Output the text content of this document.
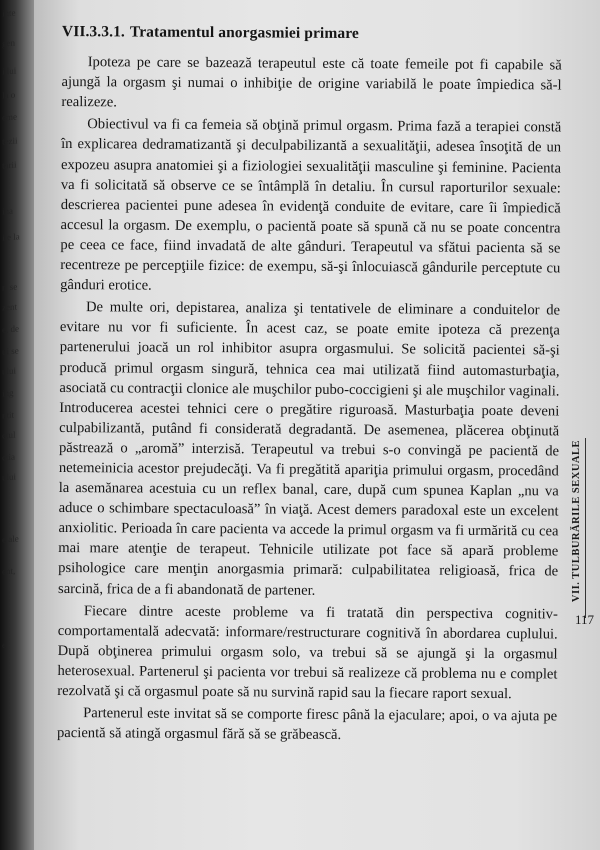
inte
gen
i lui
la o
eme
tezii
tarii
ina
ite la
rt se
zent
e, de
ui se
ului
ing
ntit
ctul
ctia
ului
e ale
ent,
e
VII.3.3.1. Tratamentul anorgasmiei primare

Ipoteza pe care se bazează terapeutul este că toate femeile pot fi capabile să ajungă la orgasm şi numai o inhibiţie de origine variabilă le poate împiedica să-l realizeze.

Obiectivul va fi ca femeia să obţină primul orgasm. Prima fază a terapiei constă în explicarea dedramatizantă şi deculpabilizantă a sexualităţii, adesea însoţită de un expozeu asupra anatomiei şi a fiziologiei sexualităţii masculine şi feminine. Pacienta va fi solicitată să observe ce se întâmplă în detaliu. În cursul raporturilor sexuale: descrierea pacientei pune adesea în evidenţă conduite de evitare, care îi împiedică accesul la orgasm. De exemplu, o pacientă poate să spună că nu se poate concentra pe ceea ce face, fiind invadată de alte gânduri. Terapeutul va sfătui pacienta să se recentreze pe percepţiile fizice: de exempu, să-şi înlocuiască gândurile perceptute cu gânduri erotice.

De multe ori, depistarea, analiza şi tentativele de eliminare a conduitelor de evitare nu vor fi suficiente. În acest caz, se poate emite ipoteza că prezenţa partenerului joacă un rol inhibitor asupra orgasmului. Se solicită pacientei să-şi producă primul orgasm singură, tehnica cea mai utilizată fiind automasturbaţia, asociată cu contracţii clonice ale muşchilor pubo-coccigieni şi ale muşchilor vaginali. Introducerea acestei tehnici cere o pregătire riguroasă. Masturbaţia poate deveni culpabilizantă, putând fi considerată degradantă. De asemenea, plăcerea obţinută păstrează o „aromă” interzisă. Terapeutul va trebui s-o convingă pe pacientă de netemeinicia acestor prejudecăţi. Va fi pregătită apariţia primului orgasm, procedând la asemănarea acestuia cu un reflex banal, care, după cum spunea Kaplan „nu va aduce o schimbare spectaculoasă” în viaţă. Acest demers paradoxal este un excelent anxiolitic. Perioada în care pacienta va accede la primul orgasm va fi urmărită cu cea mai mare atenţie de terapeut. Tehnicile utilizate pot face să apară probleme psihologice care menţin anorgasmia primară: culpabilitatea religioasă, frica de sarcină, frica de a fi abandonată de partener.

Fiecare dintre aceste probleme va fi tratată din perspectiva cognitiv-comportamentală adecvată: informare/restructurare cognitivă în abordarea cuplului. După obţinerea primului orgasm solo, va trebui să se ajungă şi la orgasmul heterosexual. Partenerul şi pacienta vor trebui să realizeze că problema nu e complet rezolvată şi că orgasmul poate să nu survină rapid sau la fiecare raport sexual.

Partenerul este invitat să se comporte firesc până la ejaculare; apoi, o va ajuta pe pacientă să atingă orgasmul fără să se grăbească.

VII. TULBURĂRILE SEXUALE
117
